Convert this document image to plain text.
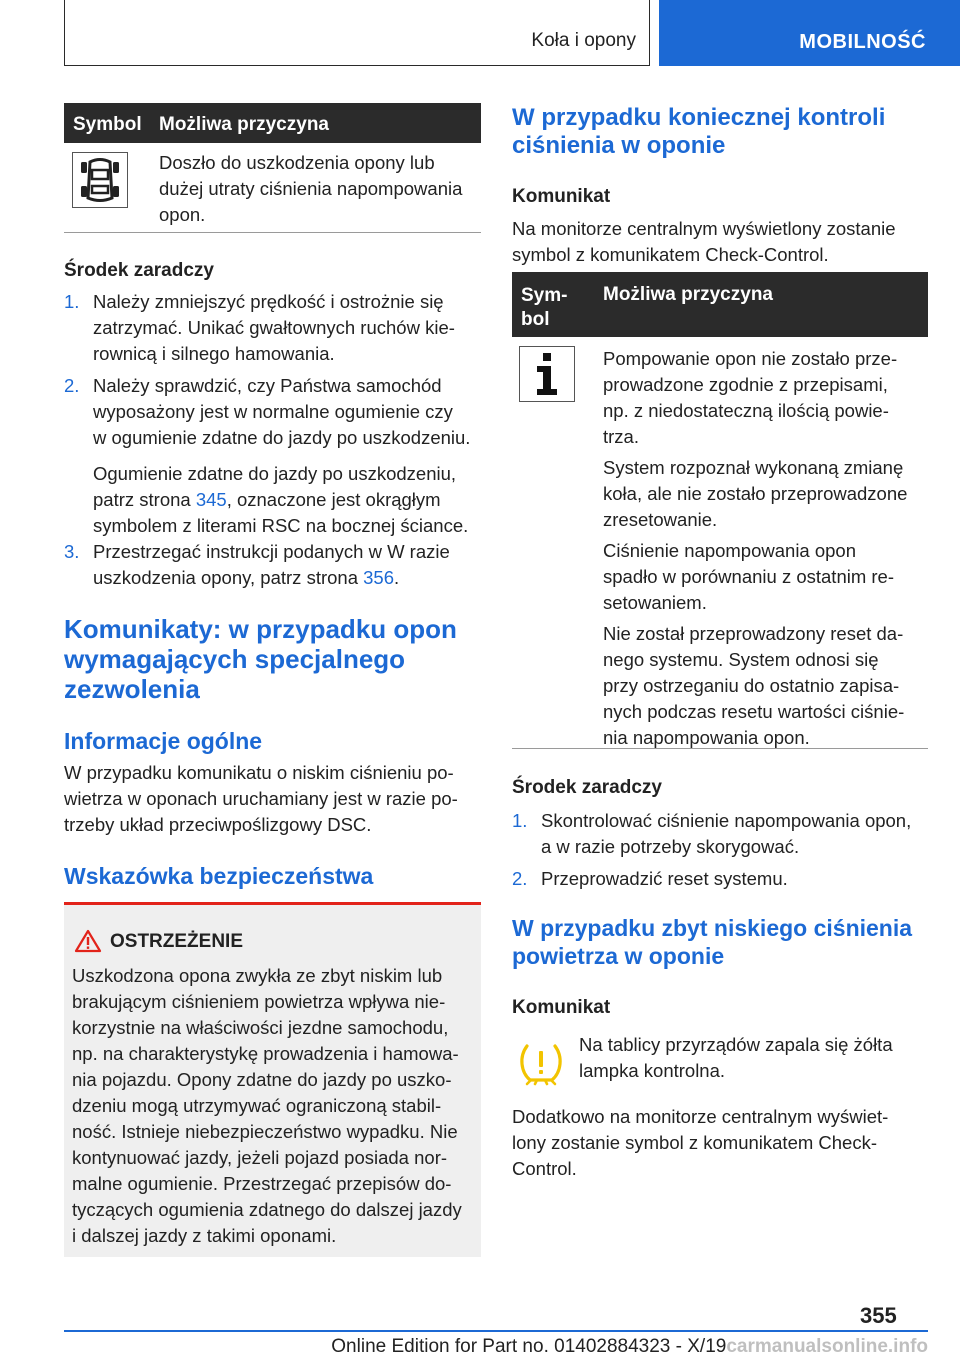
Koła i opony	MOBILNOŚĆ
Symbol Możliwa przyczyna
Doszło do uszkodzenia opony lub
dużej utraty ciśnienia napompowania
opon.
Środek zaradczy
1. Należy zmniejszyć prędkość i ostrożnie się
zatrzymać. Unikać gwałtownych ruchów kie-
rownicą i silnego hamowania.
2. Należy sprawdzić, czy Państwa samochód
wyposażony jest w normalne ogumienie czy
w ogumienie zdatne do jazdy po uszkodzeniu.
Ogumienie zdatne do jazdy po uszkodzeniu,
patrz strona 345, oznaczone jest okrągłym
symbolem z literami RSC na bocznej ściance.
3. Przestrzegać instrukcji podanych w W razie
uszkodzenia opony, patrz strona 356.
Komunikaty: w przypadku opon
wymagających specjalnego
zezwolenia
Informacje ogólne
W przypadku komunikatu o niskim ciśnieniu po-
wietrza w oponach uruchamiany jest w razie po-
trzeby układ przeciwpoślizgowy DSC.
Wskazówka bezpieczeństwa
OSTRZEŻENIE
Uszkodzona opona zwykła ze zbyt niskim lub
brakującym ciśnieniem powietrza wpływa nie-
korzystnie na właściwości jezdne samochodu,
np. na charakterystykę prowadzenia i hamowa-
nia pojazdu. Opony zdatne do jazdy po uszko-
dzeniu mogą utrzymywać ograniczoną stabil-
ność. Istnieje niebezpieczeństwo wypadku. Nie
kontynuować jazdy, jeżeli pojazd posiada nor-
malne ogumienie. Przestrzegać przepisów do-
tyczących ogumienia zdatnego do dalszej jazdy
i dalszej jazdy z takimi oponami.
W przypadku koniecznej kontroli
ciśnienia w oponie
Komunikat
Na monitorze centralnym wyświetlony zostanie
symbol z komunikatem Check-Control.
Sym-
bol
Możliwa przyczyna
Pompowanie opon nie zostało prze-
prowadzone zgodnie z przepisami,
np. z niedostateczną ilością powie-
trza.
System rozpoznał wykonaną zmianę
koła, ale nie zostało przeprowadzone
zresetowanie.
Ciśnienie napompowania opon
spadło w porównaniu z ostatnim re-
setowaniem.
Nie został przeprowadzony reset da-
nego systemu. System odnosi się
przy ostrzeganiu do ostatnio zapisa-
nych podczas resetu wartości ciśnie-
nia napompowania opon.
Środek zaradczy
1. Skontrolować ciśnienie napompowania opon,
a w razie potrzeby skorygować.
2. Przeprowadzić reset systemu.
W przypadku zbyt niskiego ciśnienia
powietrza w oponie
Komunikat
Na tablicy przyrządów zapala się żółta
lampka kontrolna.
Dodatkowo na monitorze centralnym wyświet-
lony zostanie symbol z komunikatem Check-
Control.
355
Online Edition for Part no. 01402884323 - X/19carmanualsonline.info
